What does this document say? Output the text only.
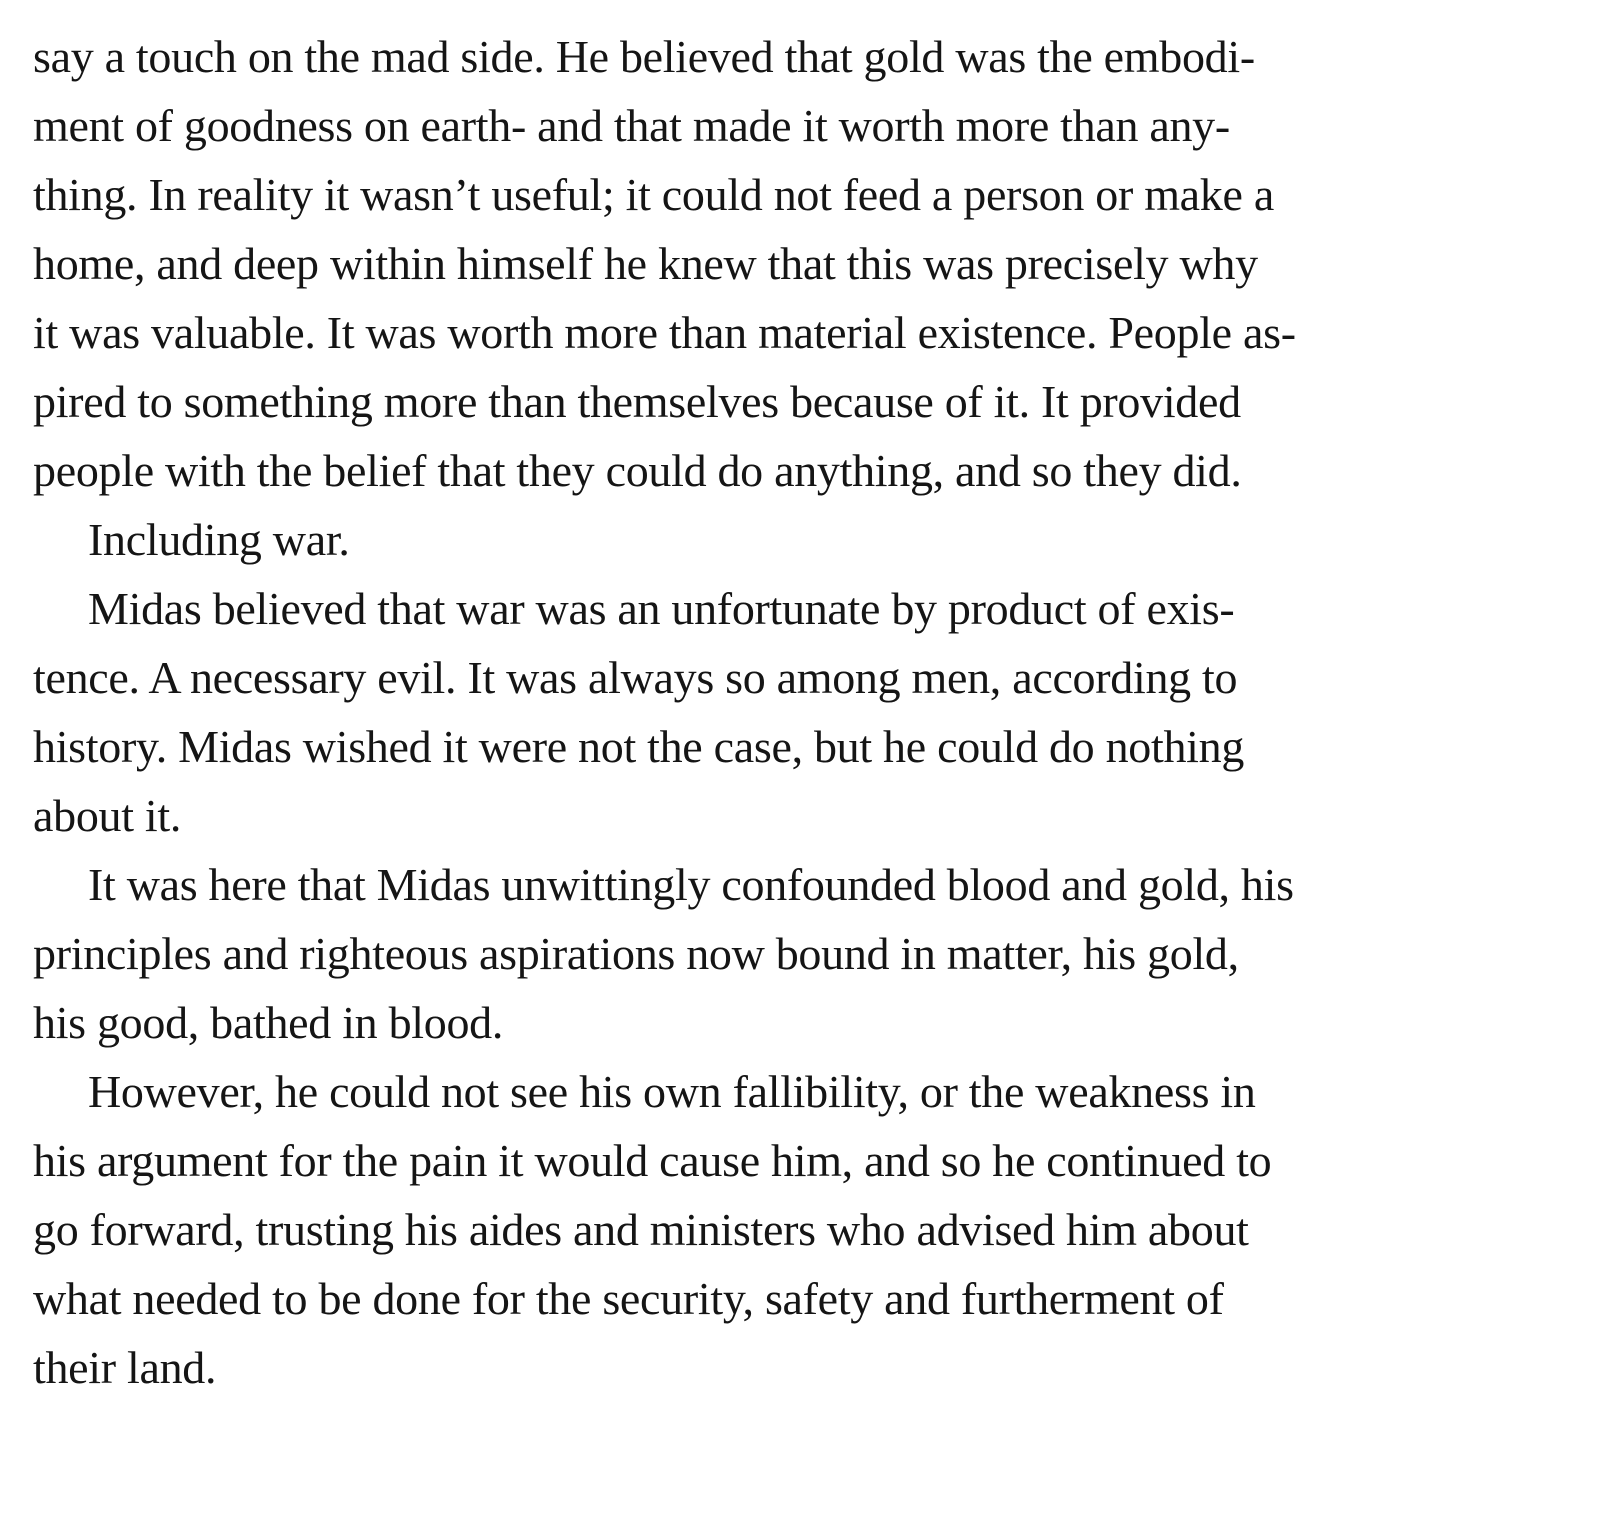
say a touch on the mad side. He believed that gold was the embodi-
ment of goodness on earth- and that made it worth more than any-
thing. In reality it wasn’t useful; it could not feed a person or make a
home, and deep within himself he knew that this was precisely why
it was valuable. It was worth more than material existence. People as-
pired to something more than themselves because of it. It provided
people with the belief that they could do anything, and so they did.
Including war.
Midas believed that war was an unfortunate by product of exis-
tence. A necessary evil. It was always so among men, according to
history. Midas wished it were not the case, but he could do nothing
about it.
It was here that Midas unwittingly confounded blood and gold, his
principles and righteous aspirations now bound in matter, his gold,
his good, bathed in blood.
However, he could not see his own fallibility, or the weakness in
his argument for the pain it would cause him, and so he continued to
go forward, trusting his aides and ministers who advised him about
what needed to be done for the security, safety and furtherment of
their land.
